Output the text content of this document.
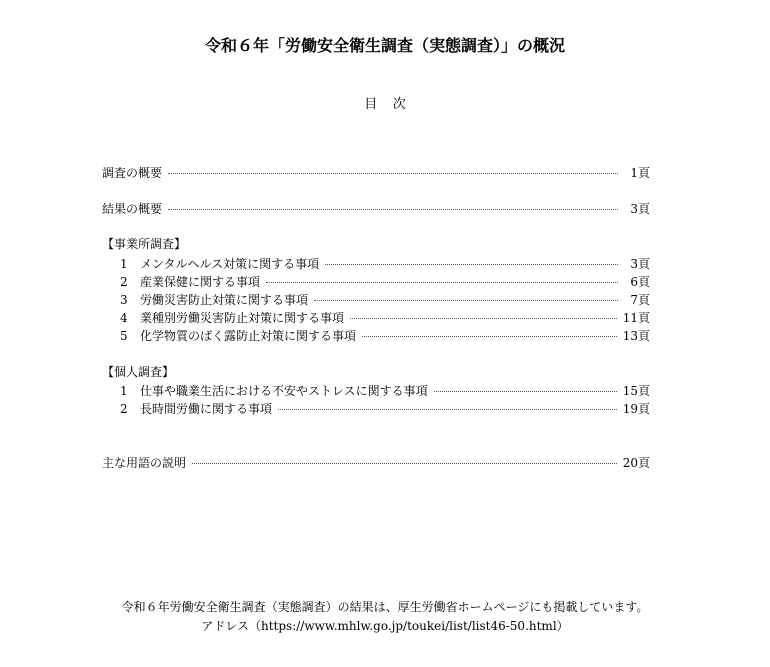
令和６年「労働安全衛生調査（実態調査）」の概況
目次
調査の概要	1頁
結果の概要	3頁
【事業所調査】
1	メンタルヘルス対策に関する事項	3頁
2	産業保健に関する事項	6頁
3	労働災害防止対策に関する事項	7頁
4	業種別労働災害防止対策に関する事項	11頁
5	化学物質のばく露防止対策に関する事項	13頁
【個人調査】
1	仕事や職業生活における不安やストレスに関する事項	15頁
2	長時間労働に関する事項	19頁
主な用語の説明	20頁
令和６年労働安全衛生調査（実態調査）の結果は、厚生労働省ホームページにも掲載しています。
アドレス（https://www.mhlw.go.jp/toukei/list/list46-50.html）
